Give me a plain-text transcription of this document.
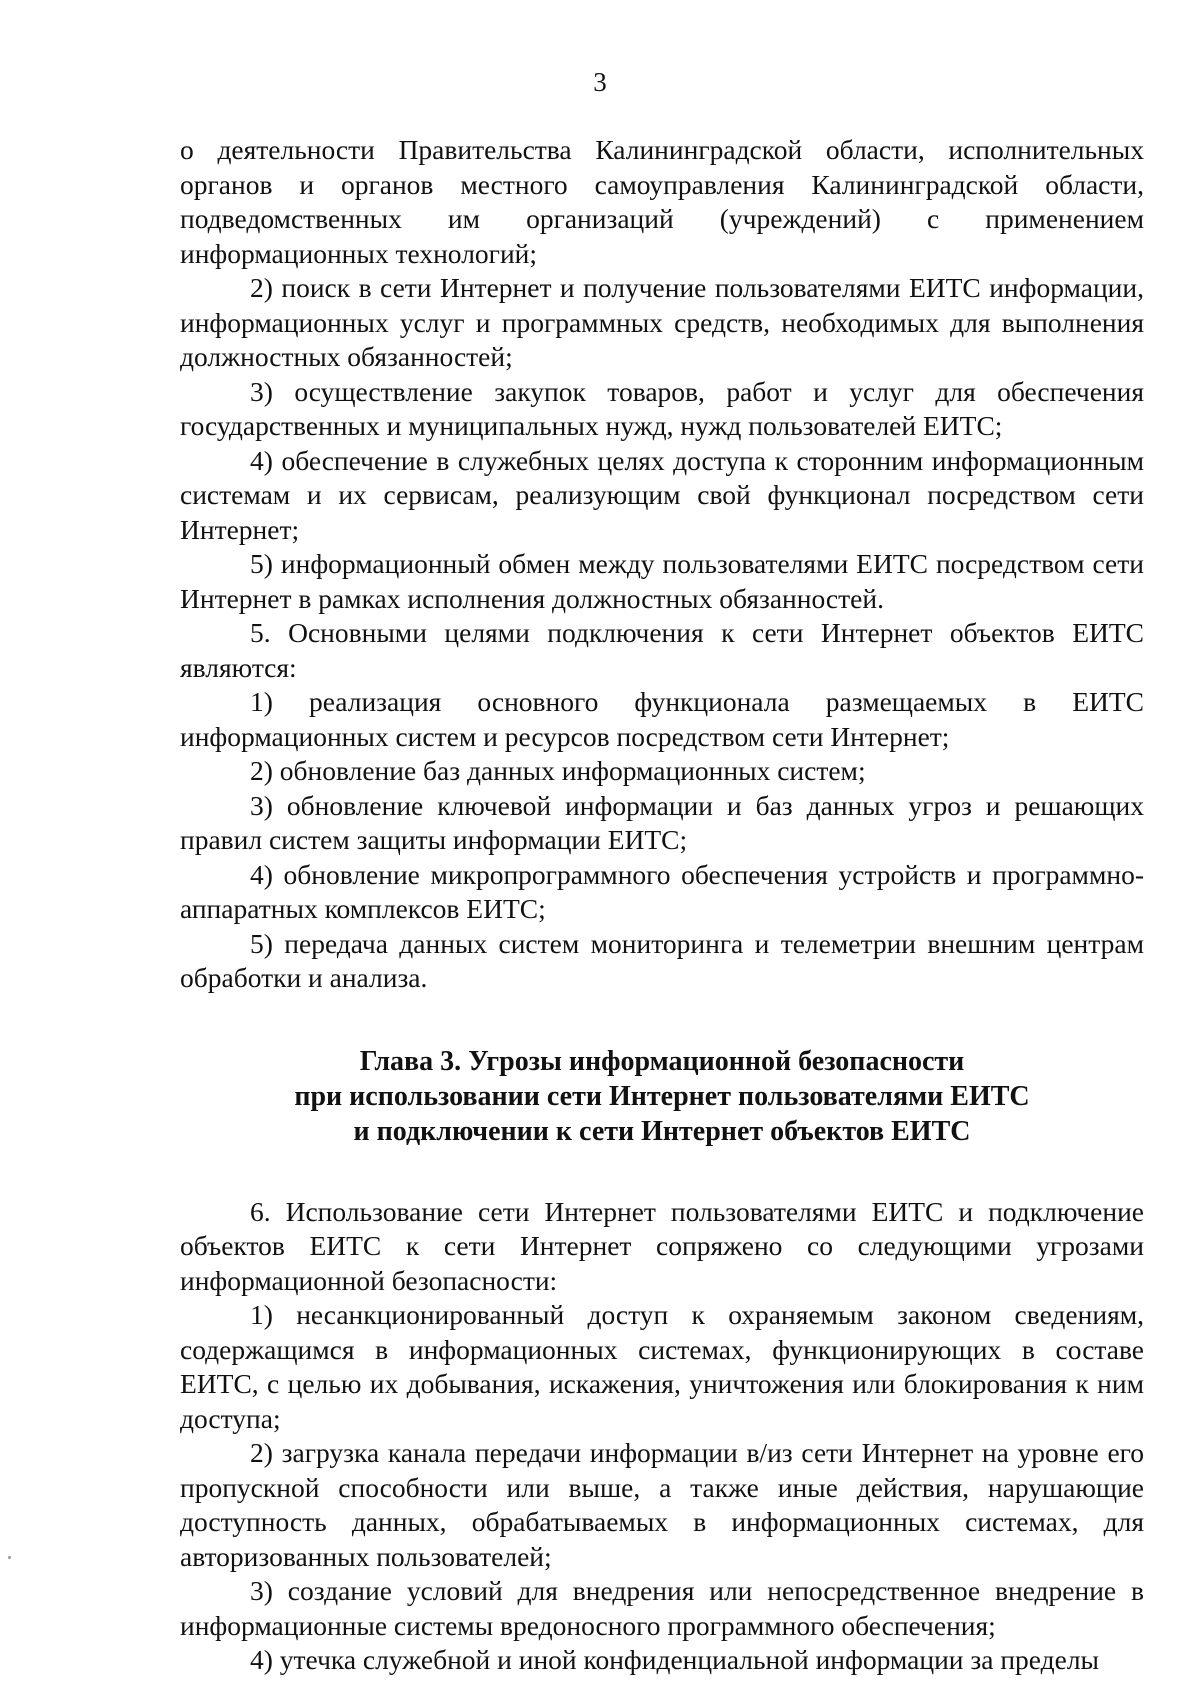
3

о деятельности Правительства Калининградской области, исполнительных органов и органов местного самоуправления Калининградской области, подведомственных им организаций (учреждений) с применением информационных технологий;

2) поиск в сети Интернет и получение пользователями ЕИТС информации, информационных услуг и программных средств, необходимых для выполнения должностных обязанностей;

3) осуществление закупок товаров, работ и услуг для обеспечения государственных и муниципальных нужд, нужд пользователей ЕИТС;

4) обеспечение в служебных целях доступа к сторонним информационным системам и их сервисам, реализующим свой функционал посредством сети Интернет;

5) информационный обмен между пользователями ЕИТС посредством сети Интернет в рамках исполнения должностных обязанностей.

5. Основными целями подключения к сети Интернет объектов ЕИТС являются:

1) реализация основного функционала размещаемых в ЕИТС информационных систем и ресурсов посредством сети Интернет;

2) обновление баз данных информационных систем;

3) обновление ключевой информации и баз данных угроз и решающих правил систем защиты информации ЕИТС;

4) обновление микропрограммного обеспечения устройств и программно-аппаратных комплексов ЕИТС;

5) передача данных систем мониторинга и телеметрии внешним центрам обработки и анализа.

Глава 3. Угрозы информационной безопасности
при использовании сети Интернет пользователями ЕИТС
и подключении к сети Интернет объектов ЕИТС

6. Использование сети Интернет пользователями ЕИТС и подключение объектов ЕИТС к сети Интернет сопряжено со следующими угрозами информационной безопасности:

1) несанкционированный доступ к охраняемым законом сведениям, содержащимся в информационных системах, функционирующих в составе ЕИТС, с целью их добывания, искажения, уничтожения или блокирования к ним доступа;

2) загрузка канала передачи информации в/из сети Интернет на уровне его пропускной способности или выше, а также иные действия, нарушающие доступность данных, обрабатываемых в информационных системах, для авторизованных пользователей;

3) создание условий для внедрения или непосредственное внедрение в информационные системы вредоносного программного обеспечения;

4) утечка служебной и иной конфиденциальной информации за пределы
